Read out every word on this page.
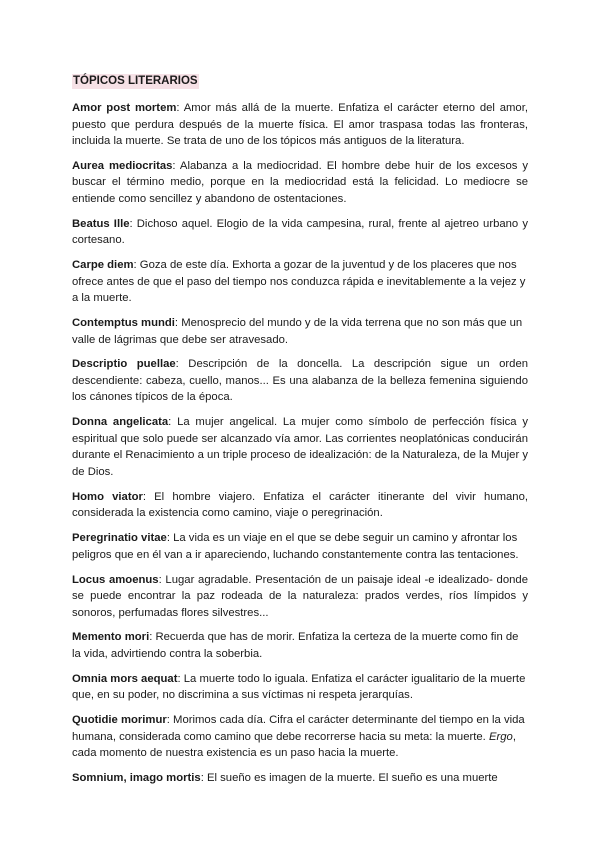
TÓPICOS LITERARIOS

Amor post mortem: Amor más allá de la muerte. Enfatiza el carácter eterno del amor, puesto que perdura después de la muerte física. El amor traspasa todas las fronteras, incluida la muerte. Se trata de uno de los tópicos más antiguos de la literatura.

Aurea mediocritas: Alabanza a la mediocridad. El hombre debe huir de los excesos y buscar el término medio, porque en la mediocridad está la felicidad. Lo mediocre se entiende como sencillez y abandono de ostentaciones.

Beatus Ille: Dichoso aquel. Elogio de la vida campesina, rural, frente al ajetreo urbano y cortesano.

Carpe diem: Goza de este día. Exhorta a gozar de la juventud y de los placeres que nos ofrece antes de que el paso del tiempo nos conduzca rápida e inevitablemente a la vejez y a la muerte.

Contemptus mundi: Menosprecio del mundo y de la vida terrena que no son más que un valle de lágrimas que debe ser atravesado.

Descriptio puellae: Descripción de la doncella. La descripción sigue un orden descendiente: cabeza, cuello, manos... Es una alabanza de la belleza femenina siguiendo los cánones típicos de la época.

Donna angelicata: La mujer angelical. La mujer como símbolo de perfección física y espiritual que solo puede ser alcanzado vía amor. Las corrientes neoplatónicas conducirán durante el Renacimiento a un triple proceso de idealización: de la Naturaleza, de la Mujer y de Dios.

Homo viator: El hombre viajero. Enfatiza el carácter itinerante del vivir humano, considerada la existencia como camino, viaje o peregrinación.

Peregrinatio vitae: La vida es un viaje en el que se debe seguir un camino y afrontar los peligros que en él van a ir apareciendo, luchando constantemente contra las tentaciones.

Locus amoenus: Lugar agradable. Presentación de un paisaje ideal -e idealizado- donde se puede encontrar la paz rodeada de la naturaleza: prados verdes, ríos límpidos y sonoros, perfumadas flores silvestres...

Memento mori: Recuerda que has de morir. Enfatiza la certeza de la muerte como fin de la vida, advirtiendo contra la soberbia.

Omnia mors aequat: La muerte todo lo iguala. Enfatiza el carácter igualitario de la muerte que, en su poder, no discrimina a sus víctimas ni respeta jerarquías.

Quotidie morimur: Morimos cada día. Cifra el carácter determinante del tiempo en la vida humana, considerada como camino que debe recorrerse hacia su meta: la muerte. Ergo, cada momento de nuestra existencia es un paso hacia la muerte.

Somnium, imago mortis: El sueño es imagen de la muerte. El sueño es una muerte
